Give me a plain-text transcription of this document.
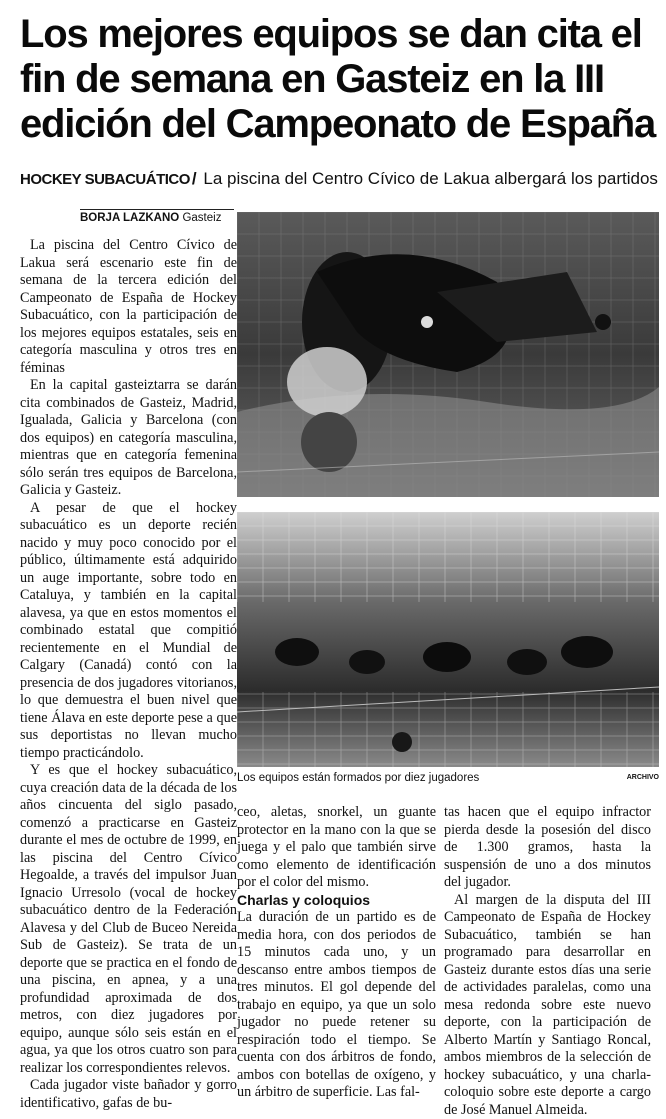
Los mejores equipos se dan cita el fin de semana en Gasteiz en la III edición del Campeonato de España
HOCKEY SUBACUÁTICO / La piscina del Centro Cívico de Lakua albergará los partidos
BORJA LAZKANO Gasteiz

La piscina del Centro Cívico de Lakua será escenario este fin de semana de la tercera edición del Campeonato de España de Hockey Subacuático, con la participación de los mejores equipos estatales, seis en categoría masculina y otros tres en féminas

En la capital gasteiztarra se darán cita combinados de Gasteiz, Madrid, Igualada, Galicia y Barcelona (con dos equipos) en categoría masculina, mientras que en categoría femenina sólo serán tres equipos de Barcelona, Galicia y Gasteiz.

A pesar de que el hockey subacuático es un deporte recién nacido y muy poco conocido por el público, últimamente está adquirido un auge importante, sobre todo en Cataluya, y también en la capital alavesa, ya que en estos momentos el combinado estatal que compitió recientemente en el Mundial de Calgary (Canadá) contó con la presencia de dos jugadores vitorianos, lo que demuestra el buen nivel que tiene Álava en este deporte pese a que sus deportistas no llevan mucho tiempo practicándolo.

Y es que el hockey subacuático, cuya creación data de la década de los años cincuenta del siglo pasado, comenzó a practicarse en Gasteiz durante el mes de octubre de 1999, en las piscina del Centro Cívico Hegoalde, a través del impulsor Juan Ignacio Urresolo (vocal de hockey subacuático dentro de la Federación Alavesa y del Club de Buceo Nereida Sub de Gasteiz). Se trata de un deporte que se practica en el fondo de una piscina, en apnea, y a una profundidad aproximada de dos metros, con diez jugadores por equipo, aunque sólo seis están en el agua, ya que los otros cuatro son para realizar los correspondientes relevos.

Cada jugador viste bañador y gorro identificativo, gafas de bu-

Los equipos están formados por diez jugadores	ARCHIVO

ceo, aletas, snorkel, un guante protector en la mano con la que se juega y el palo que también sirve como elemento de identificación por el color del mismo.

Charlas y coloquios

La duración de un partido es de media hora, con dos periodos de 15 minutos cada uno, y un descanso entre ambos tiempos de tres minutos. El gol depende del trabajo en equipo, ya que un solo jugador no puede retener su respiración todo el tiempo. Se cuenta con dos árbitros de fondo, ambos con botellas de oxígeno, y un árbitro de superficie. Las fal-

tas hacen que el equipo infractor pierda desde la posesión del disco de 1.300 gramos, hasta la suspensión de uno a dos minutos del jugador.

Al margen de la disputa del III Campeonato de España de Hockey Subacuático, también se han programado para desarrollar en Gasteiz durante estos días una serie de actividades paralelas, como una mesa redonda sobre este nuevo deporte, con la participación de Alberto Martín y Santiago Roncal, ambos miembros de la selección de hockey subacuático, y una charla-coloquio sobre este deporte a cargo de José Manuel Almeida.
